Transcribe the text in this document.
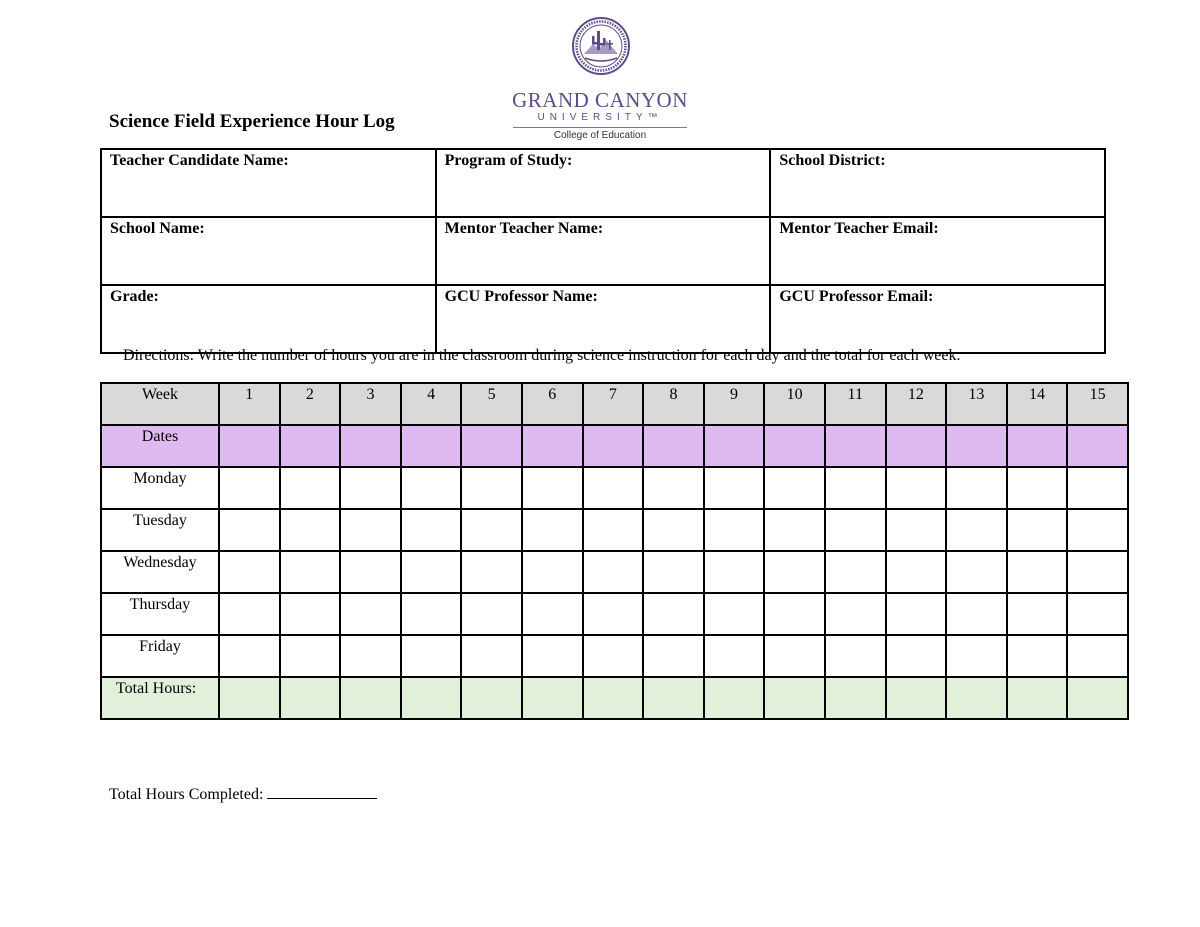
GRAND CANYON
UNIVERSITY™
College of Education
Science Field Experience Hour Log
Teacher Candidate Name:	Program of Study:	School District:
School Name:	Mentor Teacher Name:	Mentor Teacher Email:
Grade:	GCU Professor Name:	GCU Professor Email:
Directions: Write the number of hours you are in the classroom during science instruction for each day and the total for each week.
Week	1	2	3	4	5	6	7	8	9	10	11	12	13	14	15
Dates															
Monday															
Tuesday															
Wednesday															
Thursday															
Friday															
Total Hours:															
Total Hours Completed:
